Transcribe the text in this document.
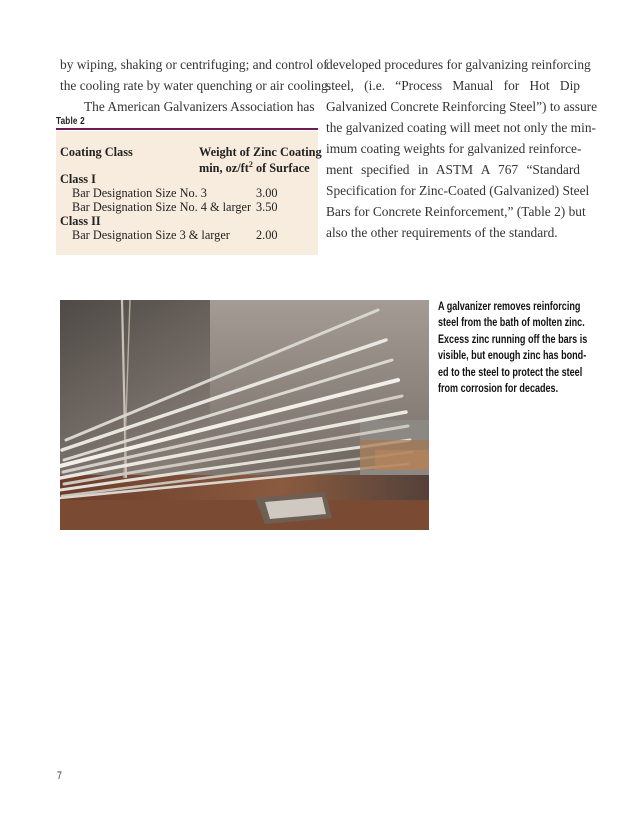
by wiping, shaking or centrifuging; and control of
the cooling rate by water quenching or air cooling.
The American Galvanizers Association has
developed procedures for galvanizing reinforcing
steel, (i.e. “Process Manual for Hot Dip
Galvanized Concrete Reinforcing Steel”) to assure
the galvanized coating will meet not only the min-
imum coating weights for galvanized reinforce-
ment specified in ASTM A 767 “Standard
Specification for Zinc-Coated (Galvanized) Steel
Bars for Concrete Reinforcement,” (Table 2) but
also the other requirements of the standard.
Table 2
Coating Class	Weight of Zinc Coating
min, $oz/ft^2$ of Surface
Class I
Bar Designation Size No. 3	3.00
Bar Designation Size No. 4 & larger 3.50
Class II
Bar Designation Size 3 & larger 2.00
A galvanizer removes reinforcing
steel from the bath of molten zinc.
Excess zinc running off the bars is
visible, but enough zinc has bond-
ed to the steel to protect the steel
from corrosion for decades.
7
